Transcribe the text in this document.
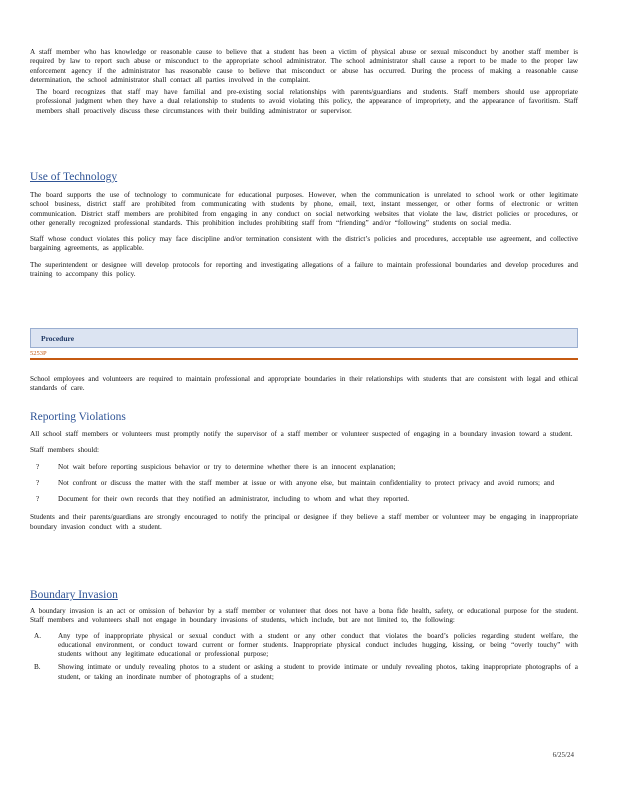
A staff member who has knowledge or reasonable cause to believe that a student has been a victim of physical abuse or sexual misconduct by another staff member is required by law to report such abuse or misconduct to the appropriate school administrator. The school administrator shall cause a report to be made to the proper law enforcement agency if the administrator has reasonable cause to believe that misconduct or abuse has occurred. During the process of making a reasonable cause determination, the school administrator shall contact all parties involved in the complaint.

The board recognizes that staff may have familial and pre-existing social relationships with parents/guardians and students. Staff members should use appropriate professional judgment when they have a dual relationship to students to avoid violating this policy, the appearance of impropriety, and the appearance of favoritism. Staff members shall proactively discuss these circumstances with their building administrator or supervisor.

Use of Technology

The board supports the use of technology to communicate for educational purposes. However, when the communication is unrelated to school work or other legitimate school business, district staff are prohibited from communicating with students by phone, email, text, instant messenger, or other forms of electronic or written communication. District staff members are prohibited from engaging in any conduct on social networking websites that violate the law, district policies or procedures, or other generally recognized professional standards. This prohibition includes prohibiting staff from “friending” and/or “following” students on social media.

Staff whose conduct violates this policy may face discipline and/or termination consistent with the district’s policies and procedures, acceptable use agreement, and collective bargaining agreements, as applicable.

The superintendent or designee will develop protocols for reporting and investigating allegations of a failure to maintain professional boundaries and develop procedures and training to accompany this policy.

Procedure
5253P

School employees and volunteers are required to maintain professional and appropriate boundaries in their relationships with students that are consistent with legal and ethical standards of care.

Reporting Violations

All school staff members or volunteers must promptly notify the supervisor of a staff member or volunteer suspected of engaging in a boundary invasion toward a student.

Staff members should:

?	Not wait before reporting suspicious behavior or try to determine whether there is an innocent explanation;
?	Not confront or discuss the matter with the staff member at issue or with anyone else, but maintain confidentiality to protect privacy and avoid rumors; and
?	Document for their own records that they notified an administrator, including to whom and what they reported.

Students and their parents/guardians are strongly encouraged to notify the principal or designee if they believe a staff member or volunteer may be engaging in inappropriate boundary invasion conduct with a student.

Boundary Invasion

A boundary invasion is an act or omission of behavior by a staff member or volunteer that does not have a bona fide health, safety, or educational purpose for the student. Staff members and volunteers shall not engage in boundary invasions of students, which include, but are not limited to, the following:

A.	Any type of inappropriate physical or sexual conduct with a student or any other conduct that violates the board’s policies regarding student welfare, the educational environment, or conduct toward current or former students. Inappropriate physical conduct includes hugging, kissing, or being “overly touchy” with students without any legitimate educational or professional purpose;
B.	Showing intimate or unduly revealing photos to a student or asking a student to provide intimate or unduly revealing photos, taking inappropriate photographs of a student, or taking an inordinate number of photographs of a student;
6/25/24
